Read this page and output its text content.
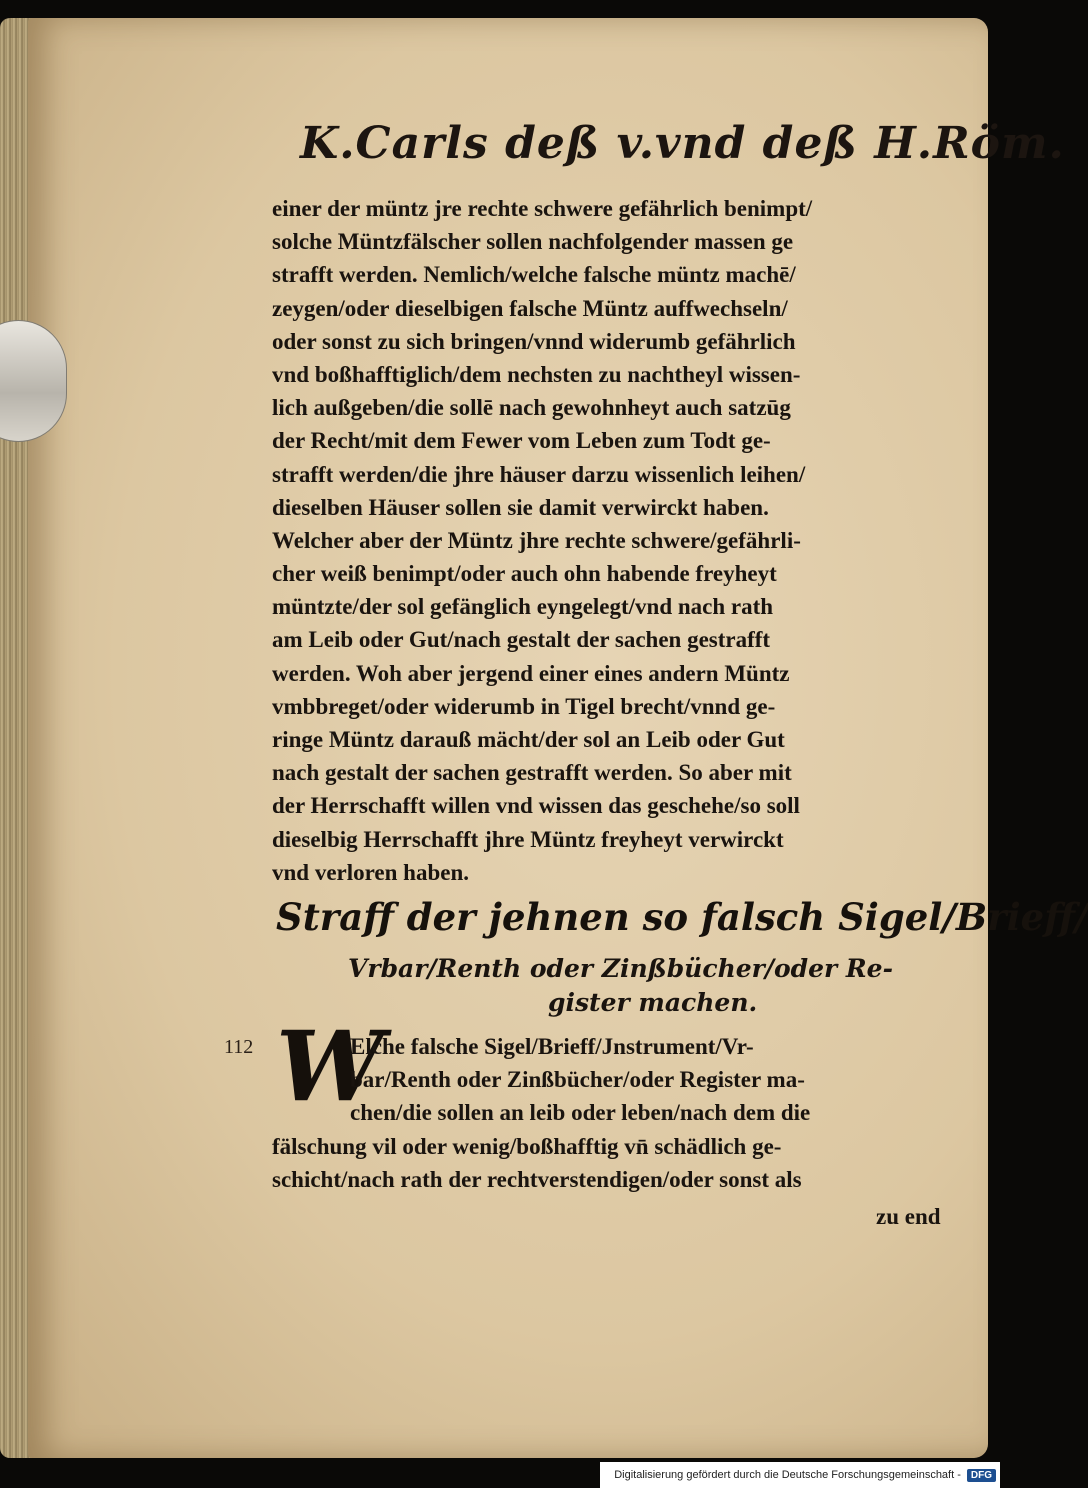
K.Carls deß v.vnd deß H.Röm.
einer der müntz jre rechte schwere gefährlich benimpt/
solche Müntzfälscher sollen nachfolgender massen ge
strafft werden. Nemlich/welche falsche müntz machē/
zeygen/oder dieselbigen falsche Müntz auffwechseln/
oder sonst zu sich bringen/vnnd widerumb gefährlich
vnd boßhafftiglich/dem nechsten zu nachtheyl wissen-
lich außgeben/die sollē nach gewohnheyt auch satzūg
der Recht/mit dem Fewer vom Leben zum Todt ge-
strafft werden/die jhre häuser darzu wissenlich leihen/
dieselben Häuser sollen sie damit verwirckt haben.
Welcher aber der Müntz jhre rechte schwere/gefährli-
cher weiß benimpt/oder auch ohn habende freyheyt
müntzte/der sol gefänglich eyngelegt/vnd nach rath
am Leib oder Gut/nach gestalt der sachen gestrafft
werden. Woh aber jergend einer eines andern Müntz
vmbbreget/oder widerumb in Tigel brecht/vnnd ge-
ringe Müntz darauß mächt/der sol an Leib oder Gut
nach gestalt der sachen gestrafft werden. So aber mit
der Herrschafft willen vnd wissen das geschehe/so soll
dieselbig Herrschafft jhre Müntz freyheyt verwirckt
vnd verloren haben.
Straff der jehnen so falsch Sigel/Brieff/
Vrbar/Renth oder Zinßbücher/oder Re-
gister machen.
112 W
Elche falsche Sigel/Brieff/Jnstrument/Vr-
bar/Renth oder Zinßbücher/oder Register ma-
chen/die sollen an leib oder leben/nach dem die
fälschung vil oder wenig/boßhafftig vn̄ schädlich ge-
schicht/nach rath der rechtverstendigen/oder sonst als
zu end
Digitalisierung gefördert durch die Deutsche Forschungsgemeinschaft -	DFG
